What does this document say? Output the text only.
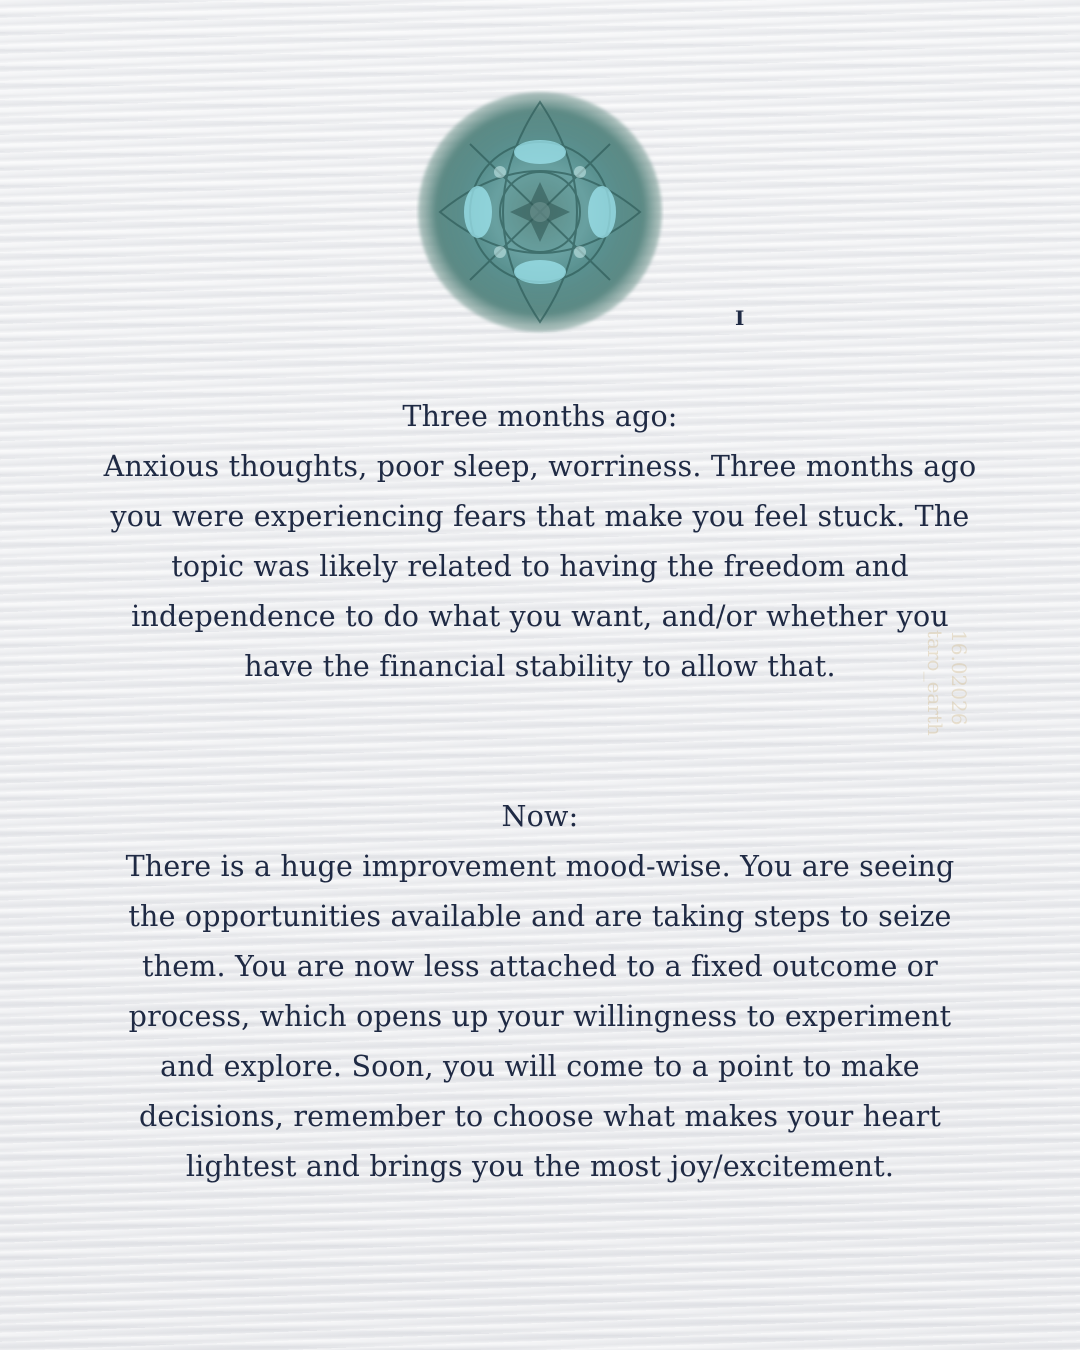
I
16.02026
taro_earth
Three months ago:
Anxious thoughts, poor sleep, worriness. Three months ago you were experiencing fears that make you feel stuck. The topic was likely related to having the freedom and independence to do what you want, and/or whether you have the financial stability to allow that.
Now:
There is a huge improvement mood-wise. You are seeing the opportunities available and are taking steps to seize them. You are now less attached to a fixed outcome or process, which opens up your willingness to experiment and explore. Soon, you will come to a point to make decisions, remember to choose what makes your heart lightest and brings you the most joy/excitement.
